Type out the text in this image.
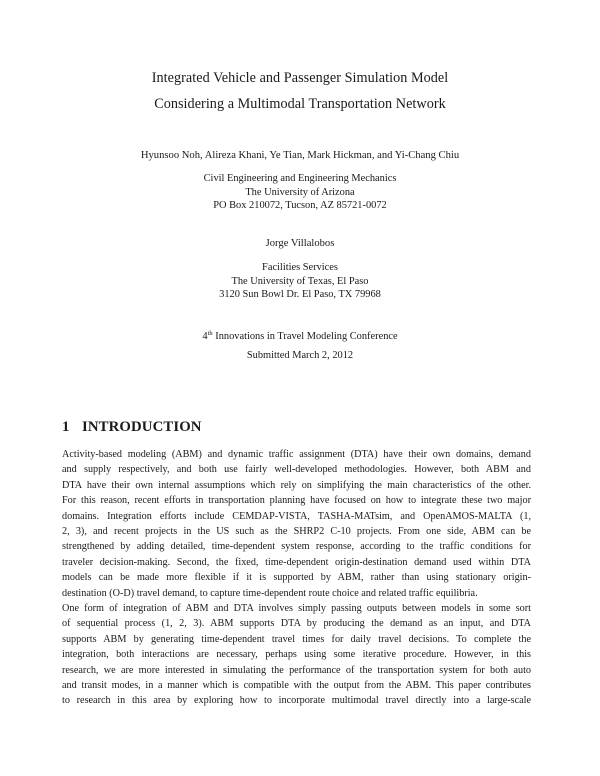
Integrated Vehicle and Passenger Simulation Model
Considering a Multimodal Transportation Network
Hyunsoo Noh, Alireza Khani, Ye Tian, Mark Hickman, and Yi-Chang Chiu
Civil Engineering and Engineering Mechanics
The University of Arizona
PO Box 210072, Tucson, AZ 85721-0072
Jorge Villalobos
Facilities Services
The University of Texas, El Paso
3120 Sun Bowl Dr. El Paso, TX 79968
4th Innovations in Travel Modeling Conference
Submitted March 2, 2012
1 INTRODUCTION
Activity-based modeling (ABM) and dynamic traffic assignment (DTA) have their own domains, demand
and supply respectively, and both use fairly well-developed methodologies. However, both ABM and
DTA have their own internal assumptions which rely on simplifying the main characteristics of the other.
For this reason, recent efforts in transportation planning have focused on how to integrate these two major
domains. Integration efforts include CEMDAP-VISTA, TASHA-MATsim, and OpenAMOS-MALTA (1,
2, 3), and recent projects in the US such as the SHRP2 C-10 projects. From one side, ABM can be
strengthened by adding detailed, time-dependent system response, according to the traffic conditions for
traveler decision-making. Second, the fixed, time-dependent origin-destination demand used within DTA
models can be made more flexible if it is supported by ABM, rather than using stationary origin-
destination (O-D) travel demand, to capture time-dependent route choice and related traffic equilibria.
One form of integration of ABM and DTA involves simply passing outputs between models in some sort
of sequential process (1, 2, 3). ABM supports DTA by producing the demand as an input, and DTA
supports ABM by generating time-dependent travel times for daily travel decisions. To complete the
integration, both interactions are necessary, perhaps using some iterative procedure. However, in this
research, we are more interested in simulating the performance of the transportation system for both auto
and transit modes, in a manner which is compatible with the output from the ABM. This paper contributes
to research in this area by exploring how to incorporate multimodal travel directly into a large-scale
